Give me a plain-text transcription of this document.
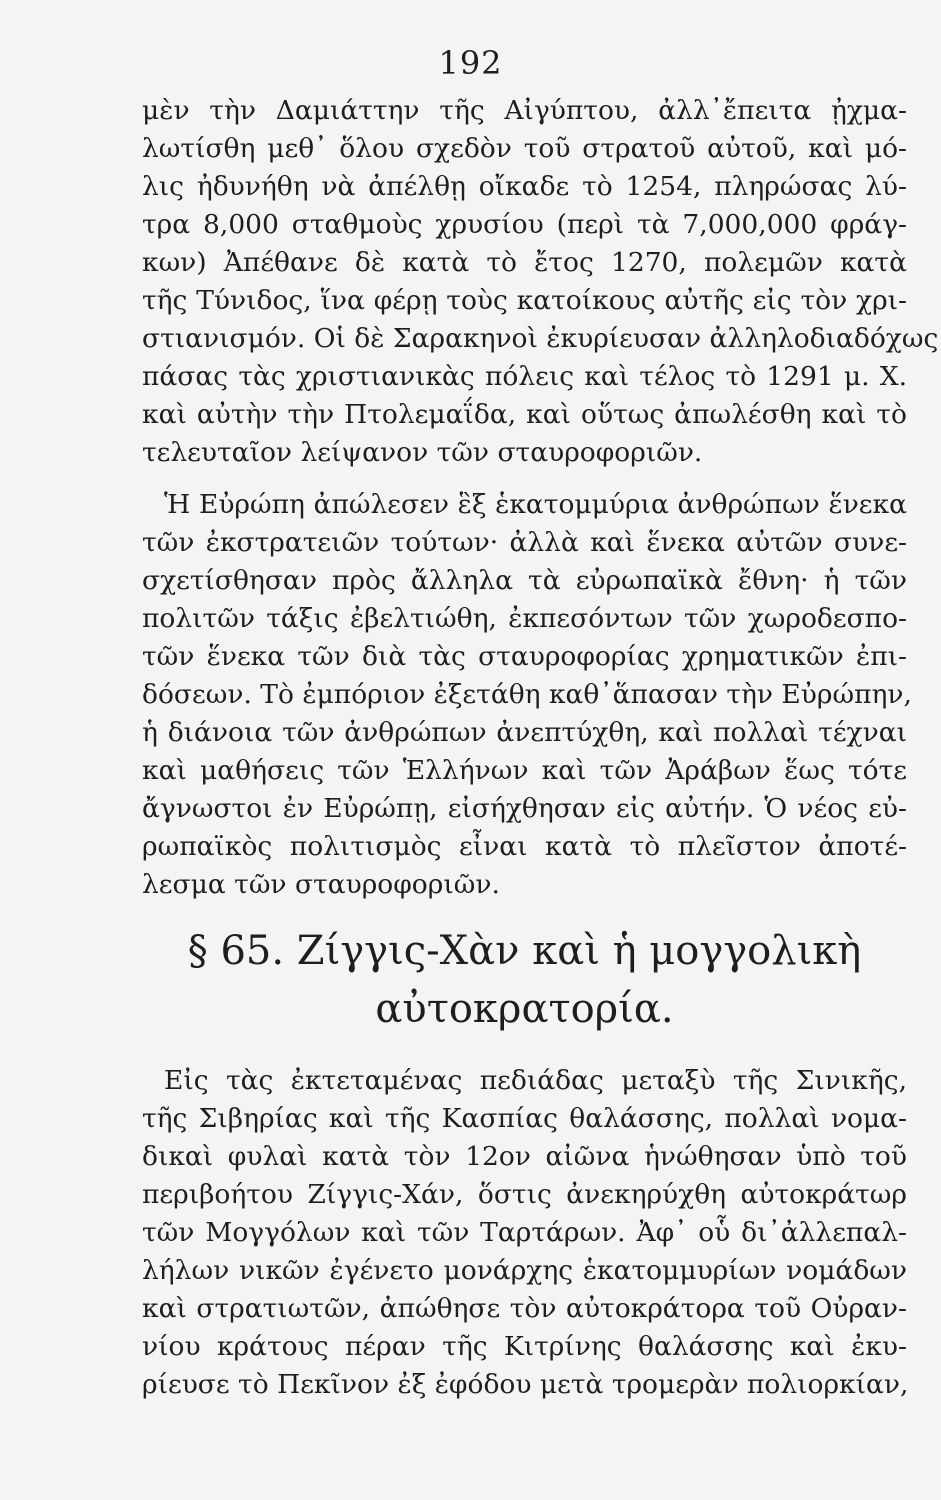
192
μὲν τὴν Δαμιάττην τῆς Αἰγύπτου, ἀλλ᾽ἔπειτα ᾐχμα-
λωτίσθη μεθ᾽ ὅλου σχεδὸν τοῦ στρατοῦ αὐτοῦ, καὶ μό-
λις ἠδυνήθη νὰ ἀπέλθῃ οἴκαδε τὸ 1254, πληρώσας λύ-
τρα 8,000 σταθμοὺς χρυσίου (περὶ τὰ 7,000,000 φράγ-
κων) Ἀπέθανε δὲ κατὰ τὸ ἔτος 1270, πολεμῶν κατὰ
τῆς Τύνιδος, ἵνα φέρῃ τοὺς κατοίκους αὐτῆς εἰς τὸν χρι-
στιανισμόν. Οἱ δὲ Σαρακηνοὶ ἐκυρίευσαν ἀλληλοδιαδόχως
πάσας τὰς χριστιανικὰς πόλεις καὶ τέλος τὸ 1291 μ. Χ.
καὶ αὐτὴν τὴν Πτολεμαΐδα, καὶ οὕτως ἀπωλέσθη καὶ τὸ
τελευταῖον λείψανον τῶν σταυροφοριῶν.
Ἡ Εὐρώπη ἀπώλεσεν ἓξ ἑκατομμύρια ἀνθρώπων ἕνεκα
τῶν ἐκστρατειῶν τούτων· ἀλλὰ καὶ ἕνεκα αὐτῶν συνε-
σχετίσθησαν πρὸς ἄλληλα τὰ εὐρωπαϊκὰ ἔθνη· ἡ τῶν
πολιτῶν τάξις ἐβελτιώθη, ἐκπεσόντων τῶν χωροδεσπο-
τῶν ἕνεκα τῶν διὰ τὰς σταυροφορίας χρηματικῶν ἐπι-
δόσεων. Τὸ ἐμπόριον ἐξετάθη καθ᾽ἅπασαν τὴν Εὐρώπην,
ἡ διάνοια τῶν ἀνθρώπων ἀνεπτύχθη, καὶ πολλαὶ τέχναι
καὶ μαθήσεις τῶν Ἑλλήνων καὶ τῶν Ἀράβων ἕως τότε
ἄγνωστοι ἐν Εὐρώπῃ, εἰσήχθησαν εἰς αὐτήν. Ὁ νέος εὐ-
ρωπαϊκὸς πολιτισμὸς εἶναι κατὰ τὸ πλεῖστον ἀποτέ-
λεσμα τῶν σταυροφοριῶν.
§ 65. Ζίγγις-Χὰν καὶ ἡ μογγολικὴ
αὐτοκρατορία.
Εἰς τὰς ἐκτεταμένας πεδιάδας μεταξὺ τῆς Σινικῆς,
τῆς Σιβηρίας καὶ τῆς Κασπίας θαλάσσης, πολλαὶ νομα-
δικαὶ φυλαὶ κατὰ τὸν 12ον αἰῶνα ἡνώθησαν ὑπὸ τοῦ
περιβοήτου Ζίγγις-Χάν, ὅστις ἀνεκηρύχθη αὐτοκράτωρ
τῶν Μογγόλων καὶ τῶν Ταρτάρων. Ἀφ᾽ οὗ δι᾽ἀλλεπαλ-
λήλων νικῶν ἐγένετο μονάρχης ἑκατομμυρίων νομάδων
καὶ στρατιωτῶν, ἀπώθησε τὸν αὐτοκράτορα τοῦ Οὐραν-
νίου κράτους πέραν τῆς Κιτρίνης θαλάσσης καὶ ἐκυ-
ρίευσε τὸ Πεκῖνον ἐξ ἐφόδου μετὰ τρομερὰν πολιορκίαν,
